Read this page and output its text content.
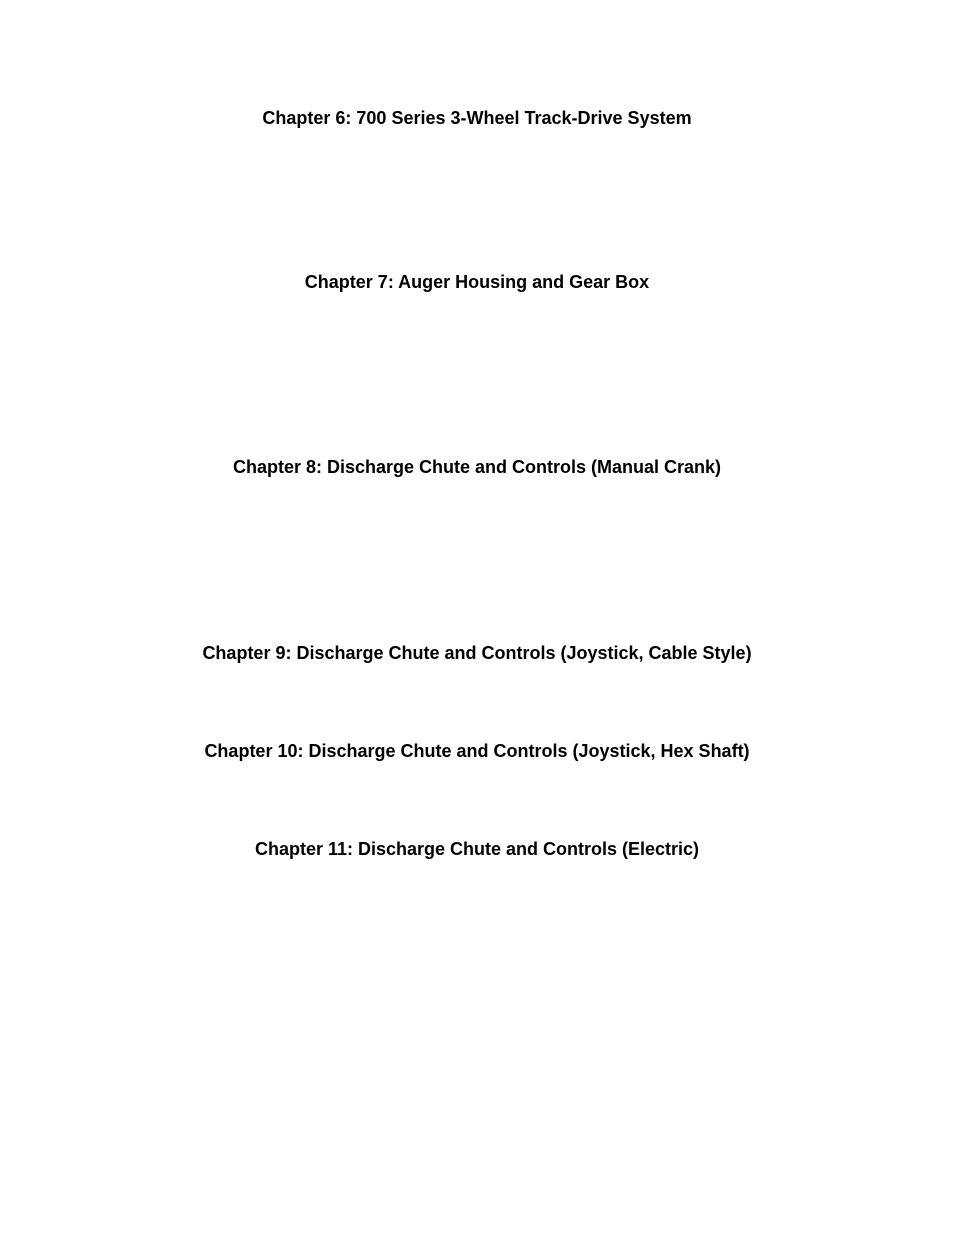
Chapter 6: 700 Series 3-Wheel Track-Drive System
Chapter 7: Auger Housing and Gear Box
Chapter 8: Discharge Chute and Controls (Manual Crank)
Chapter 9: Discharge Chute and Controls (Joystick, Cable Style)
Chapter 10: Discharge Chute and Controls (Joystick, Hex Shaft)
Chapter 11: Discharge Chute and Controls (Electric)
